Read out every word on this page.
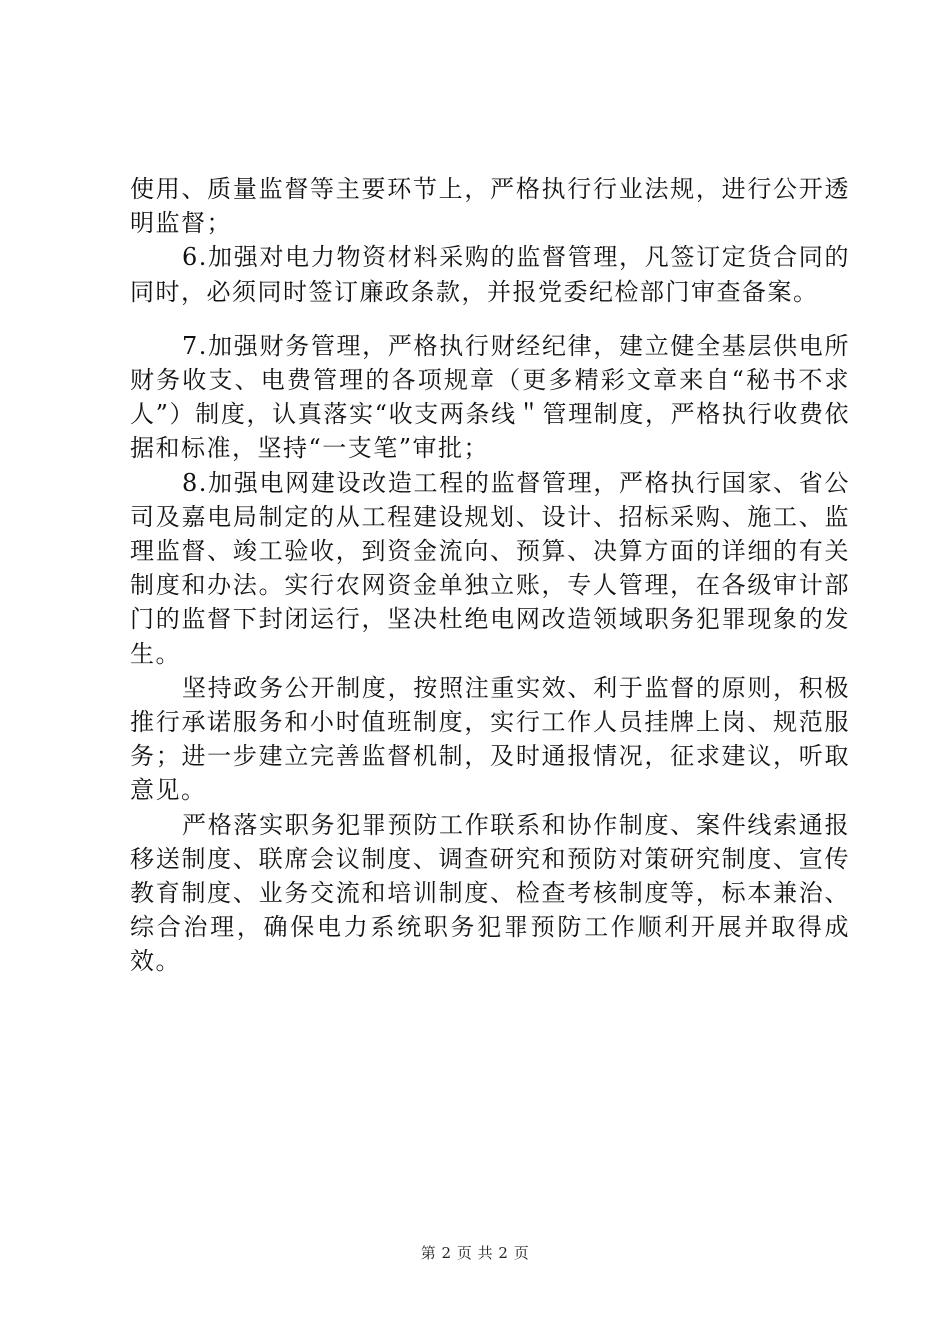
使用、质量监督等主要环节上，严格执行行业法规，进行公开透明监督；

6.加强对电力物资材料采购的监督管理，凡签订定货合同的同时，必须同时签订廉政条款，并报党委纪检部门审查备案。

7.加强财务管理，严格执行财经纪律，建立健全基层供电所财务收支、电费管理的各项规章（更多精彩文章来自“秘书不求人”）制度，认真落实“收支两条线＂管理制度，严格执行收费依据和标准，坚持“一支笔”审批；

8.加强电网建设改造工程的监督管理，严格执行国家、省公司及嘉电局制定的从工程建设规划、设计、招标采购、施工、监理监督、竣工验收，到资金流向、预算、决算方面的详细的有关制度和办法。实行农网资金单独立账，专人管理，在各级审计部门的监督下封闭运行，坚决杜绝电网改造领域职务犯罪现象的发生。

坚持政务公开制度，按照注重实效、利于监督的原则，积极推行承诺服务和小时值班制度，实行工作人员挂牌上岗、规范服务；进一步建立完善监督机制，及时通报情况，征求建议，听取意见。

严格落实职务犯罪预防工作联系和协作制度、案件线索通报移送制度、联席会议制度、调查研究和预防对策研究制度、宣传教育制度、业务交流和培训制度、检查考核制度等，标本兼治、综合治理，确保电力系统职务犯罪预防工作顺利开展并取得成效。

第 2 页 共 2 页
